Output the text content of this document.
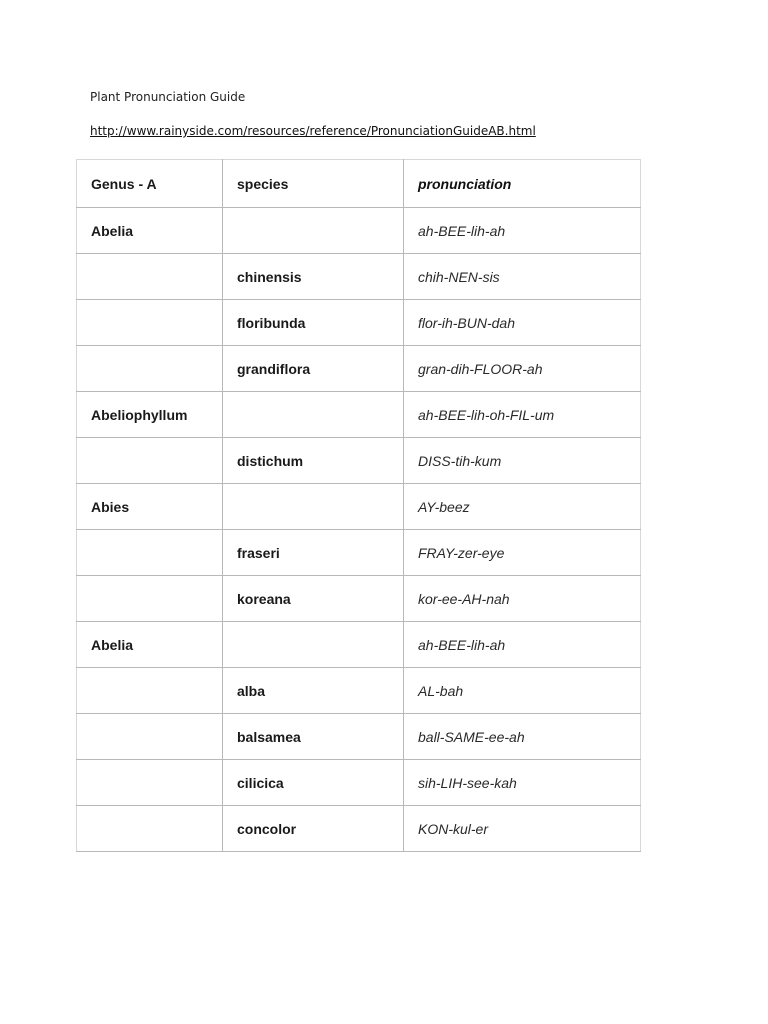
Plant Pronunciation Guide
http://www.rainyside.com/resources/reference/PronunciationGuideAB.html
Genus - A	species	pronunciation
Abelia		ah-BEE-lih-ah
	chinensis	chih-NEN-sis
	floribunda	flor-ih-BUN-dah
	grandiflora	gran-dih-FLOOR-ah
Abeliophyllum		ah-BEE-lih-oh-FIL-um
	distichum	DISS-tih-kum
Abies		AY-beez
	fraseri	FRAY-zer-eye
	koreana	kor-ee-AH-nah
Abelia		ah-BEE-lih-ah
	alba	AL-bah
	balsamea	ball-SAME-ee-ah
	cilicica	sih-LIH-see-kah
	concolor	KON-kul-er
